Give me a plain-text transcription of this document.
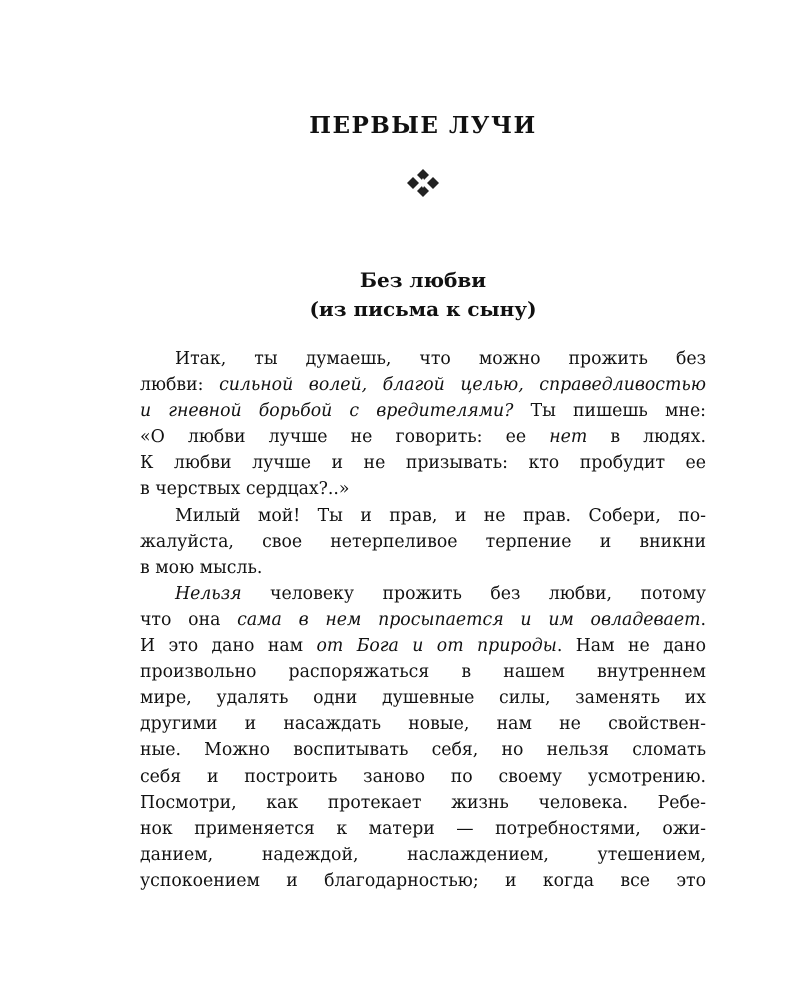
ПЕРВЫЕ ЛУЧИ
Без любви
(из письма к сыну)
Итак, ты думаешь, что можно прожить без
любви: сильной волей, благой целью, справедливостью
и гневной борьбой с вредителями? Ты пишешь мне:
«О любви лучше не говорить: ее нет в людях.
К любви лучше и не призывать: кто пробудит ее
в черствых сердцах?..»
Милый мой! Ты и прав, и не прав. Собери, по-
жалуйста, свое нетерпеливое терпение и вникни
в мою мысль.
Нельзя человеку прожить без любви, потому
что она сама в нем просыпается и им овладевает.
И это дано нам от Бога и от природы. Нам не дано
произвольно распоряжаться в нашем внутреннем
мире, удалять одни душевные силы, заменять их
другими и насаждать новые, нам не свойствен-
ные. Можно воспитывать себя, но нельзя сломать
себя и построить заново по своему усмотрению.
Посмотри, как протекает жизнь человека. Ребе-
нок применяется к матери — потребностями, ожи-
данием, надеждой, наслаждением, утешением,
успокоением и благодарностью; и когда все это
